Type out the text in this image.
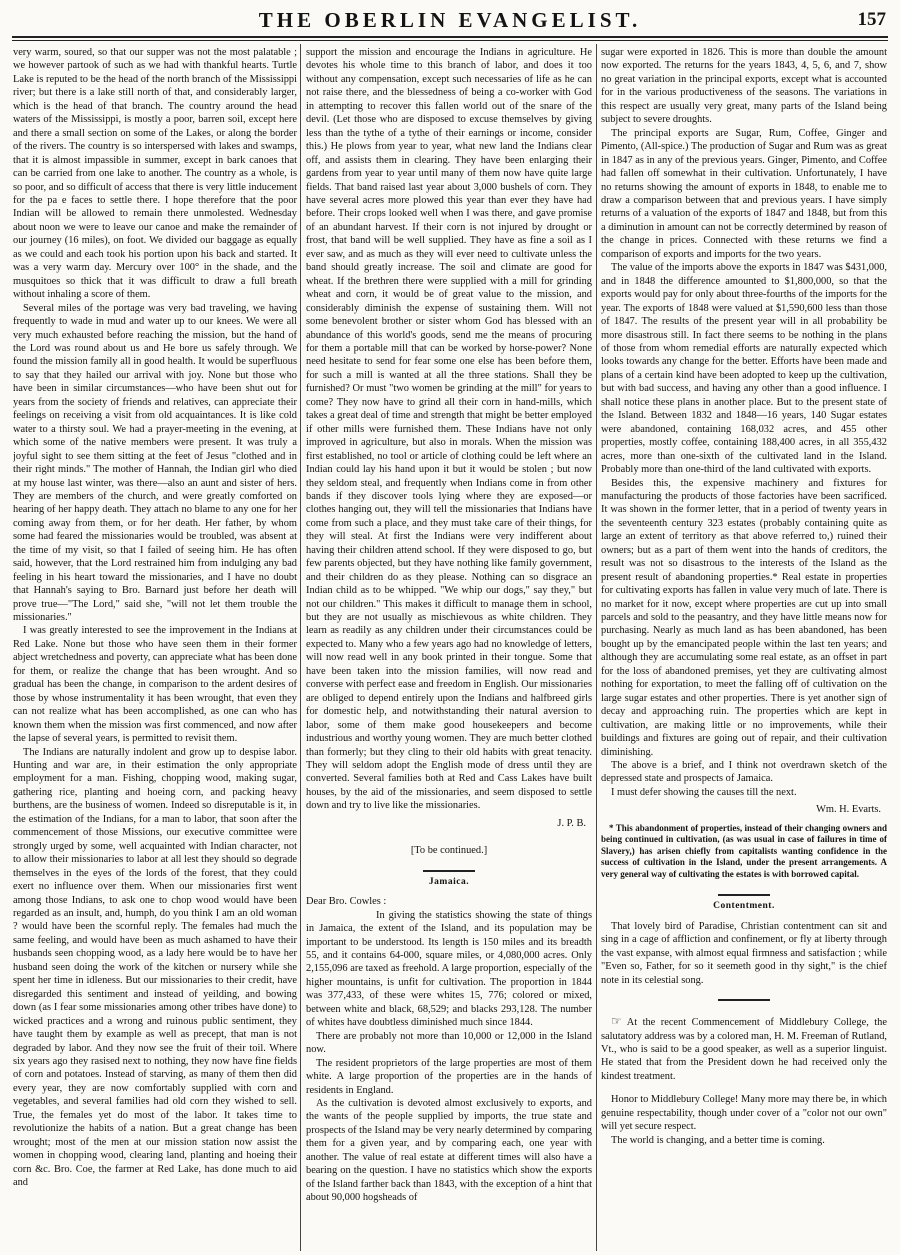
THE OBERLIN EVANGELIST.	157

very warm, soured, so that our supper was not the most palatable ; we however partook of such as we had with thankful hearts. Turtle Lake is reputed to be the head of the north branch of the Mississippi river; but there is a lake still north of that, and considerably larger, which is the head of that branch. The country around the head waters of the Mississippi, is mostly a poor, barren soil, except here and there a small section on some of the Lakes, or along the border of the rivers. The country is so interspersed with lakes and swamps, that it is almost impassible in summer, except in bark canoes that can be carried from one lake to another. The country as a whole, is so poor, and so difficult of access that there is very little inducement for the pa e faces to settle there. I hope therefore that the poor Indian will be allowed to remain there unmolested. Wednesday about noon we were to leave our canoe and make the remainder of our journey (16 miles), on foot. We divided our baggage as equally as we could and each took his portion upon his back and started. It was a very warm day. Mercury over 100° in the shade, and the musquitoes so thick that it was difficult to draw a full breath without inhaling a score of them.

Several miles of the portage was very bad traveling, we having frequently to wade in mud and water up to our knees. We were all very much exhausted before reaching the mission, but the hand of the Lord was round about us and He bore us safely through. We found the mission family all in good health. It would be superfluous to say that they hailed our arrival with joy. None but those who have been in similar circumstances—who have been shut out for years from the society of friends and relatives, can appreciate their feelings on receiving a visit from old acquaintances. It is like cold water to a thirsty soul. We had a prayer-meeting in the evening, at which some of the native members were present. It was truly a joyful sight to see them sitting at the feet of Jesus "clothed and in their right minds." The mother of Hannah, the Indian girl who died at my house last winter, was there—also an aunt and sister of hers. They are members of the church, and were greatly comforted on hearing of her happy death. They attach no blame to any one for her coming away from them, or for her death. Her father, by whom some had feared the missionaries would be troubled, was absent at the time of my visit, so that I failed of seeing him. He has often said, however, that the Lord restrained him from indulging any bad feeling in his heart toward the missionaries, and I have no doubt that Hannah's saying to Bro. Barnard just before her death will prove true—"The Lord," said she, "will not let them trouble the missionaries."

I was greatly interested to see the improvement in the Indians at Red Lake. None but those who have seen them in their former abject wretchedness and poverty, can appreciate what has been done for them, or realize the change that has been wrought. And so gradual has been the change, in comparison to the ardent desires of those by whose instrumentality it has been wrought, that even they can not realize what has been accomplished, as one can who has known them when the mission was first commenced, and now after the lapse of several years, is permitted to revisit them.

The Indians are naturally indolent and grow up to despise labor. Hunting and war are, in their estimation the only appropriate employment for a man. Fishing, chopping wood, making sugar, gathering rice, planting and hoeing corn, and packing heavy burthens, are the business of women. Indeed so disreputable is it, in the estimation of the Indians, for a man to labor, that soon after the commencement of those Missions, our executive committee were strongly urged by some, well acquainted with Indian character, not to allow their missionaries to labor at all lest they should so degrade themselves in the eyes of the lords of the forest, that they could exert no influence over them. When our missionaries first went among those Indians, to ask one to chop wood would have been regarded as an insult, and, humph, do you think I am an old woman ? would have been the scornful reply. The females had much the same feeling, and would have been as much ashamed to have their husbands seen chopping wood, as a lady here would be to have her husband seen doing the work of the kitchen or nursery while she spent her time in idleness. But our missionaries to their credit, have disregarded this sentiment and instead of yeilding, and bowing down (as I fear some missionaries among other tribes have done) to wicked practices and a wrong and ruinous public sentiment, they have taught them by example as well as precept, that man is not degraded by labor. And they now see the fruit of their toil. Where six years ago they rasised next to nothing, they now have fine fields of corn and potatoes. Instead of starving, as many of them then did every year, they are now comfortably supplied with corn and vegetables, and several families had old corn they wished to sell. True, the females yet do most of the labor. It takes time to revolutionize the habits of a nation. But a great change has been wrought; most of the men at our mission station now assist the women in chopping wood, clearing land, planting and hoeing their corn &c. Bro. Coe, the farmer at Red Lake, has done much to aid and

support the mission and encourage the Indians in agriculture. He devotes his whole time to this branch of labor, and does it too without any compensation, except such necessaries of life as he can not raise there, and the blessedness of being a co-worker with God in attempting to recover this fallen world out of the snare of the devil. (Let those who are disposed to excuse themselves by giving less than the tythe of a tythe of their earnings or income, consider this.) He plows from year to year, what new land the Indians clear off, and assists them in clearing. They have been enlarging their gardens from year to year until many of them now have quite large fields. That band raised last year about 3,000 bushels of corn. They have several acres more plowed this year than ever they have had before. Their crops looked well when I was there, and gave promise of an abundant harvest. If their corn is not injured by drought or frost, that band will be well supplied. They have as fine a soil as I ever saw, and as much as they will ever need to cultivate unless the band should greatly increase. The soil and climate are good for wheat. If the brethren there were supplied with a mill for grinding wheat and corn, it would be of great value to the mission, and considerably diminish the expense of sustaining them. Will not some benevolent brother or sister whom God has blessed with an abundance of this world's goods, send me the means of procuring for them a portable mill that can be worked by horse-power? None need hesitate to send for fear some one else has been before them, for such a mill is wanted at all the three stations. Shall they be furnished? Or must "two women be grinding at the mill" for years to come? They now have to grind all their corn in hand-mills, which takes a great deal of time and strength that might be better employed if other mills were furnished them. These Indians have not only improved in agriculture, but also in morals. When the mission was first established, no tool or article of clothing could be left where an Indian could lay his hand upon it but it would be stolen ; but now they seldom steal, and frequently when Indians come in from other bands if they discover tools lying where they are exposed—or clothes hanging out, they will tell the missionaries that Indians have come from such a place, and they must take care of their things, for they will steal. At first the Indians were very indifferent about having their children attend school. If they were disposed to go, but few parents objected, but they have nothing like family government, and their children do as they please. Nothing can so disgrace an Indian child as to be whipped. "We whip our dogs," say they," but not our children." This makes it difficult to manage them in school, but they are not usually as mischievous as white children. They learn as readily as any children under their circumstances could be expected to. Many who a few years ago had no knowledge of letters, will now read well in any book printed in their tongue. Some that have been taken into the mission families, will now read and converse with perfect ease and freedom in English. Our missionaries are obliged to depend entirely upon the Indians and halfbreed girls for domestic help, and notwithstanding their natural aversion to labor, some of them make good housekeepers and become industrious and worthy young women. They are much better clothed than formerly; but they cling to their old habits with great tenacity. They will seldom adopt the English mode of dress until they are converted. Several families both at Red and Cass Lakes have built houses, by the aid of the missionaries, and seem disposed to settle down and try to live like the missionaries.

J. P. B.
[To be continued.]
Jamaica.

Dear Bro. Cowles :

In giving the statistics showing the state of things in Jamaica, the extent of the Island, and its population may be important to be understood. Its length is 150 miles and its breadth 55, and it contains 64-000, square miles, or 4,080,000 acres. Only 2,155,096 are taxed as freehold. A large proportion, especially of the higher mountains, is unfit for cultivation. The proportion in 1844 was 377,433, of these were whites 15, 776; colored or mixed, between white and black, 68,529; and blacks 293,128. The number of whites have doubtless diminished much since 1844.

There are probably not more than 10,000 or 12,000 in the Island now.

The resident proprietors of the large properties are most of them white. A large proportion of the properties are in the hands of residents in England.

As the cultivation is devoted almost exclusively to exports, and the wants of the people supplied by imports, the true state and prospects of the Island may be very nearly determined by comparing them for a given year, and by comparing each, one year with another. The value of real estate at different times will also have a bearing on the question. I have no statistics which show the exports of the Island farther back than 1843, with the exception of a hint that about 90,000 hogsheads of

sugar were exported in 1826. This is more than double the amount now exported. The returns for the years 1843, 4, 5, 6, and 7, show no great variation in the principal exports, except what is accounted for in the various productiveness of the seasons. The variations in this respect are usually very great, many parts of the Island being subject to severe droughts.

The principal exports are Sugar, Rum, Coffee, Ginger and Pimento, (All-spice.) The production of Sugar and Rum was as great in 1847 as in any of the previous years. Ginger, Pimento, and Coffee had fallen off somewhat in their cultivation. Unfortunately, I have no returns showing the amount of exports in 1848, to enable me to draw a comparison between that and previous years. I have simply returns of a valuation of the exports of 1847 and 1848, but from this a diminution in amount can not be correctly determined by reason of the change in prices. Connected with these returns we find a comparison of exports and imports for the two years.

The value of the imports above the exports in 1847 was $431,000, and in 1848 the difference amounted to $1,800,000, so that the exports would pay for only about three-fourths of the imports for the year. The exports of 1848 were valued at $1,590,600 less than those of 1847. The results of the present year will in all probability be more disastrous still. In fact there seems to be nothing in the plans of those from whom remedial efforts are naturally expected which looks towards any change for the better. Efforts have been made and plans of a certain kind have been adopted to keep up the cultivation, but with bad success, and having any other than a good influence. I shall notice these plans in another place. But to the present state of the Island. Between 1832 and 1848—16 years, 140 Sugar estates were abandoned, containing 168,032 acres, and 455 other properties, mostly coffee, containing 188,400 acres, in all 355,432 acres, more than one-sixth of the cultivated land in the Island. Probably more than one-third of the land cultivated with exports.

Besides this, the expensive machinery and fixtures for manufacturing the products of those factories have been sacrificed. It was shown in the former letter, that in a period of twenty years in the seventeenth century 323 estates (probably containing quite as large an extent of territory as that above referred to,) ruined their owners; but as a part of them went into the hands of creditors, the result was not so disastrous to the interests of the Island as the present result of abandoning properties.* Real estate in properties for cultivating exports has fallen in value very much of late. There is no market for it now, except where properties are cut up into small parcels and sold to the peasantry, and they have little means now for purchasing. Nearly as much land as has been abandoned, has been bought up by the emancipated people within the last ten years; and although they are accumulating some real estate, as an offset in part for the loss of abandoned premises, yet they are cultivating almost nothing for exportation, to meet the falling off of cultivation on the large sugar estates and other properties. There is yet another sign of decay and approaching ruin. The properties which are kept in cultivation, are making little or no improvements, while their buildings and fixtures are going out of repair, and their cultivation diminishing.

The above is a brief, and I think not overdrawn sketch of the depressed state and prospects of Jamaica.

I must defer showing the causes till the next.

Wm. H. Evarts.

* This abandonment of properties, instead of their changing owners and being continued in cultivation, (as was usual in case of failures in time of Slavery,) has arisen chiefly from capitalists wanting confidence in the success of cultivation in the Island, under the present arrangements. A very general way of cultivating the estates is with borrowed capital.

Contentment.

That lovely bird of Paradise, Christian contentment can sit and sing in a cage of affliction and confinement, or fly at liberty through the vast expanse, with almost equal firmness and satisfaction ; while "Even so, Father, for so it seemeth good in thy sight," is the chief note in its celestial song.

☞ At the recent Commencement of Middlebury College, the salutatory address was by a colored man, H. M. Freeman of Rutland, Vt., who is said to be a good speaker, as well as a superior linguist. He stated that from the President down he had received only the kindest treatment.

Honor to Middlebury College! Many more may there be, in which genuine respectability, though under cover of a "color not our own" will yet secure respect.

The world is changing, and a better time is coming.
